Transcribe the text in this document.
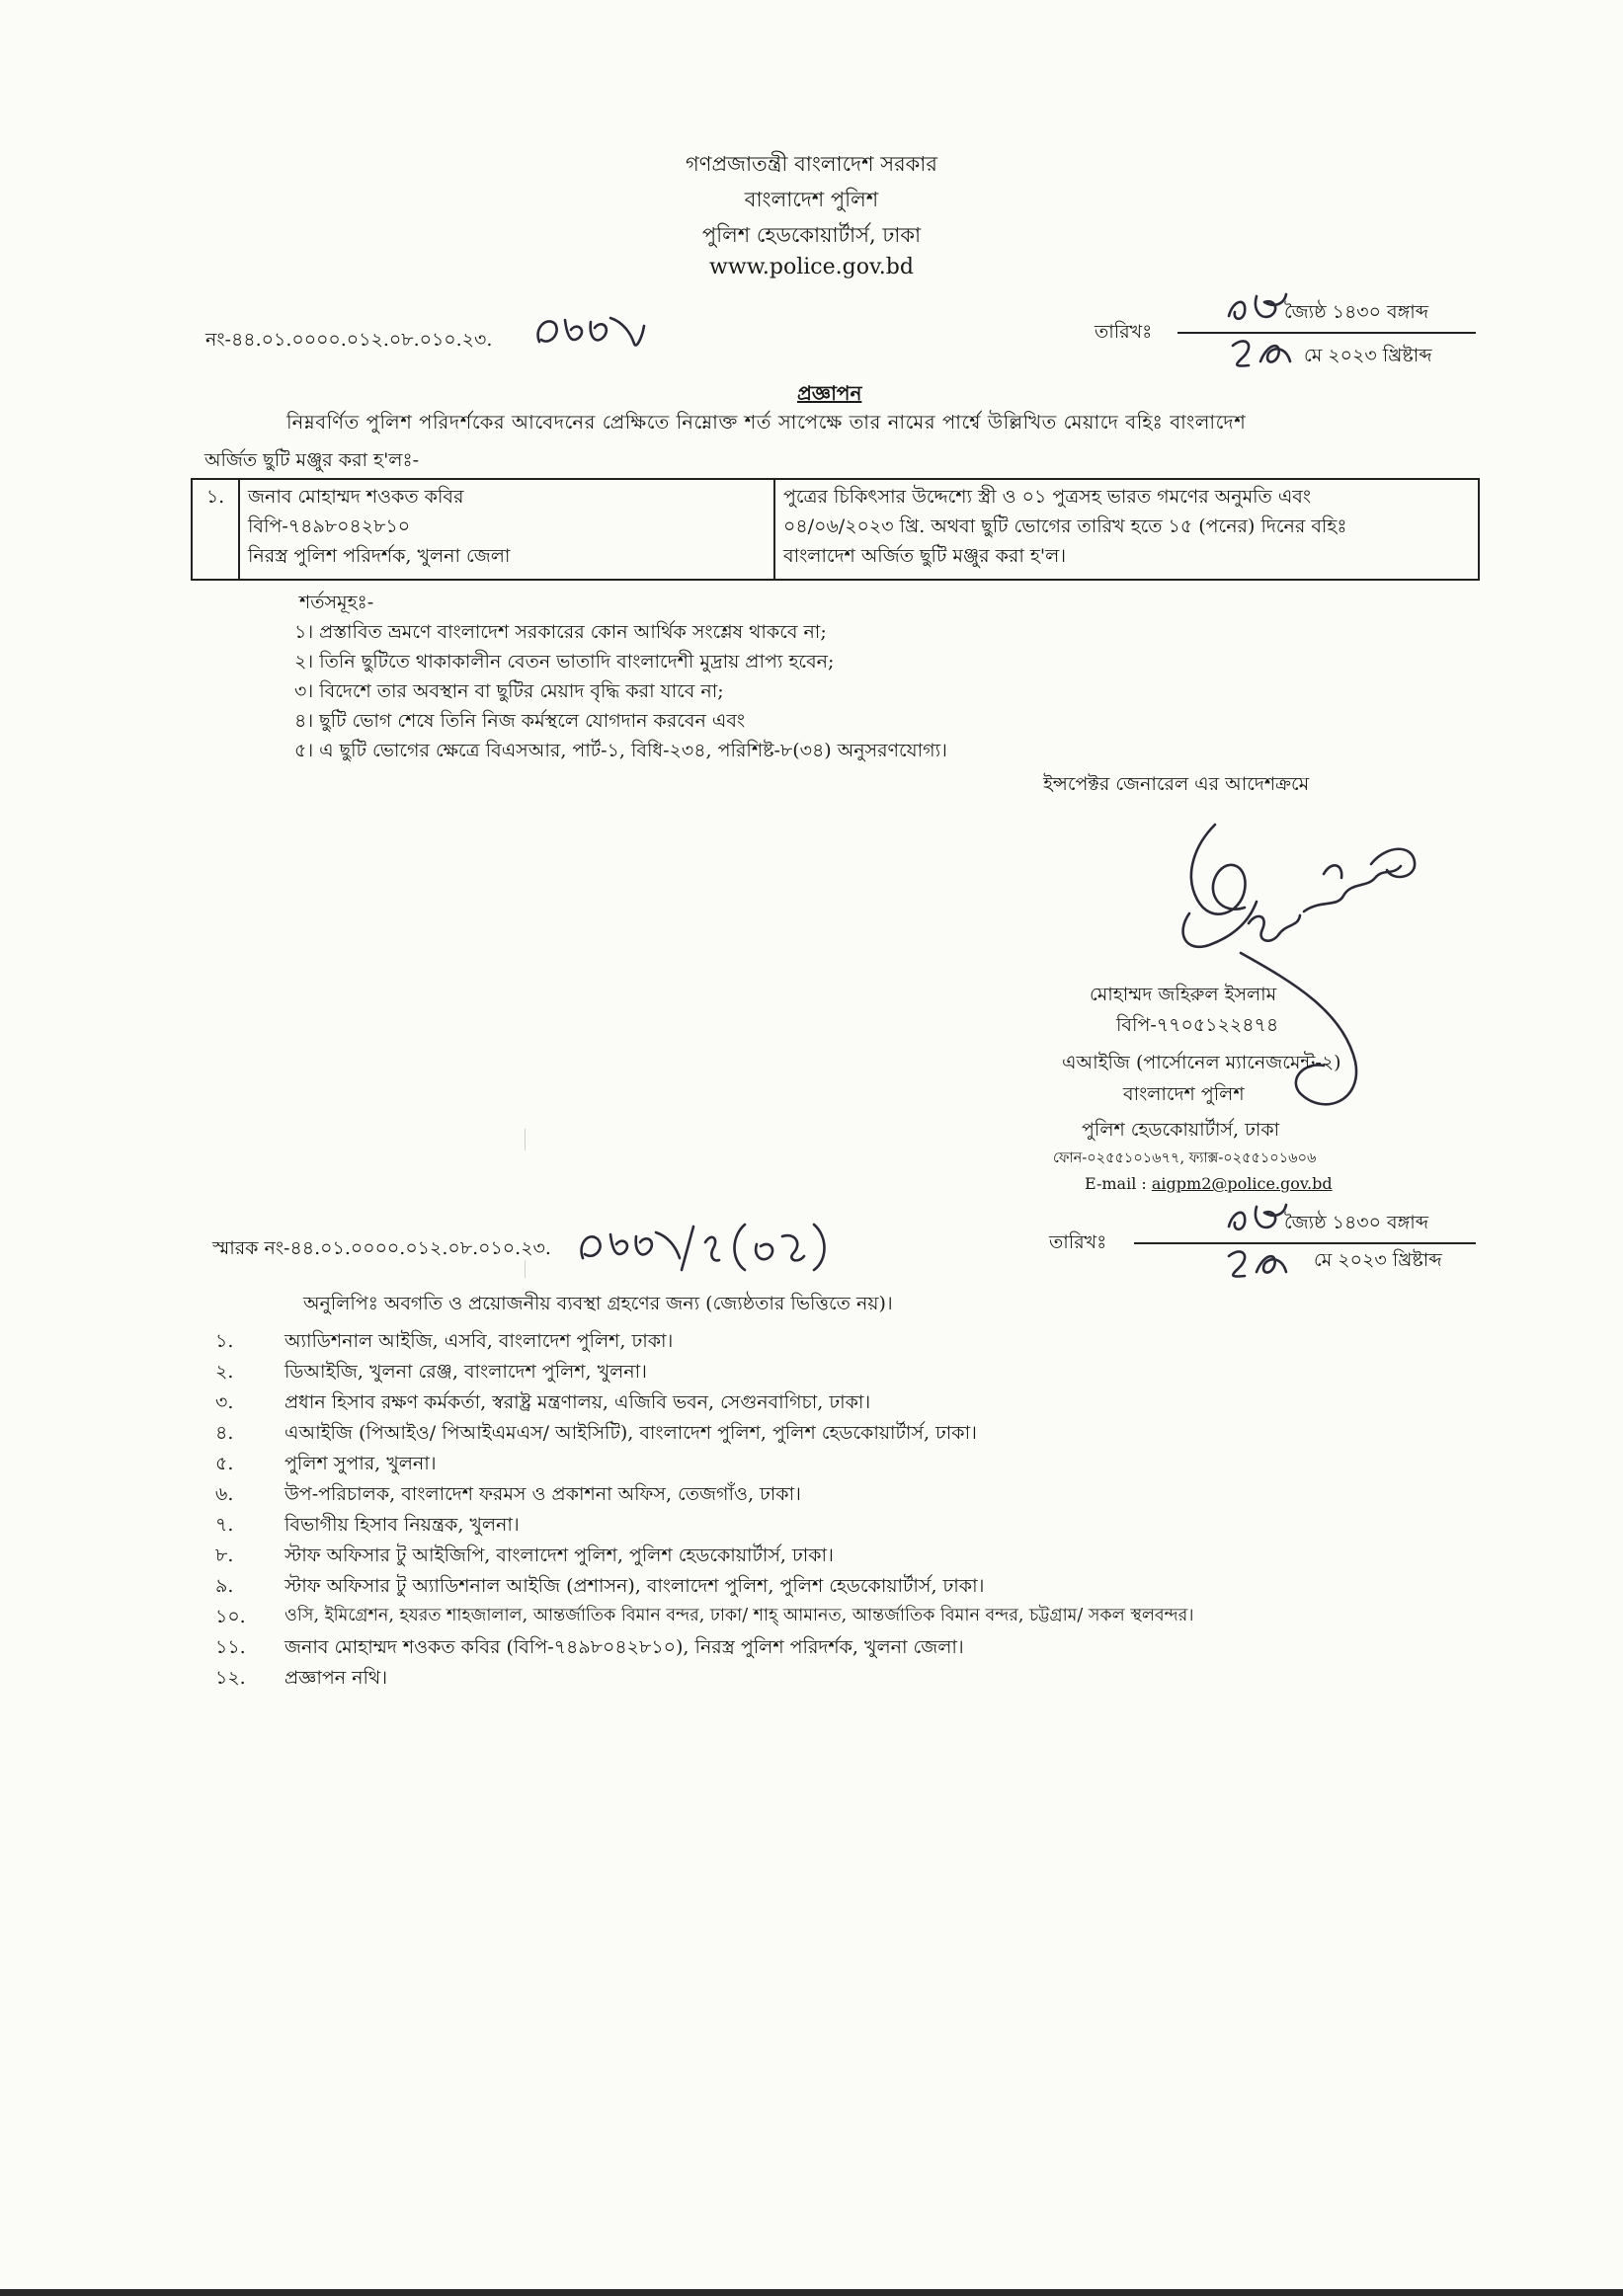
গণপ্রজাতন্ত্রী বাংলাদেশ সরকার
বাংলাদেশ পুলিশ
পুলিশ হেডকোয়ার্টার্স, ঢাকা
www.police.gov.bd
নং-৪৪.০১.০০০০.০১২.০৮.০১০.২৩.	তারিখঃ
জ্যৈষ্ঠ ১৪৩০ বঙ্গাব্দ
মে ২০২৩ খ্রিষ্টাব্দ
প্রজ্ঞাপন
নিম্নবর্ণিত পুলিশ পরিদর্শকের আবেদনের প্রেক্ষিতে নিম্নোক্ত শর্ত সাপেক্ষে তার নামের পার্শ্বে উল্লিখিত মেয়াদে বহিঃ বাংলাদেশ
অর্জিত ছুটি মঞ্জুর করা হ'লঃ-
১.	জনাব মোহাম্মদ শওকত কবির
বিপি-৭৪৯৮০৪২৮১০
নিরস্ত্র পুলিশ পরিদর্শক, খুলনা জেলা

পুত্রের চিকিৎসার উদ্দেশ্যে স্ত্রী ও ০১ পুত্রসহ ভারত গমণের অনুমতি এবং
০৪/০৬/২০২৩ খ্রি. অথবা ছুটি ভোগের তারিখ হতে ১৫ (পনের) দিনের বহিঃ
বাংলাদেশ অর্জিত ছুটি মঞ্জুর করা হ'ল।
শর্তসমূহঃ-
১। প্রস্তাবিত ভ্রমণে বাংলাদেশ সরকারের কোন আর্থিক সংশ্লেষ থাকবে না;
২। তিনি ছুটিতে থাকাকালীন বেতন ভাতাদি বাংলাদেশী মুদ্রায় প্রাপ্য হবেন;
৩। বিদেশে তার অবস্থান বা ছুটির মেয়াদ বৃদ্ধি করা যাবে না;
৪। ছুটি ভোগ শেষে তিনি নিজ কর্মস্থলে যোগদান করবেন এবং
৫। এ ছুটি ভোগের ক্ষেত্রে বিএসআর, পার্ট-১, বিধি-২৩৪, পরিশিষ্ট-৮(৩৪) অনুসরণযোগ্য।
ইন্সপেক্টর জেনারেল এর আদেশক্রমে
মোহাম্মদ জহিরুল ইসলাম
বিপি-৭৭০৫১২২৪৭৪
এআইজি (পার্সোনেল ম্যানেজমেন্ট-২)
বাংলাদেশ পুলিশ
পুলিশ হেডকোয়ার্টার্স, ঢাকা
ফোন-০২৫৫১০১৬৭৭, ফ্যাক্স-০২৫৫১০১৬০৬
E-mail : aigpm2@police.gov.bd
স্মারক নং-৪৪.০১.০০০০.০১২.০৮.০১০.২৩.	তারিখঃ
জ্যৈষ্ঠ ১৪৩০ বঙ্গাব্দ
মে ২০২৩ খ্রিষ্টাব্দ
অনুলিপিঃ অবগতি ও প্রয়োজনীয় ব্যবস্থা গ্রহণের জন্য (জ্যেষ্ঠতার ভিত্তিতে নয়)।
১.	অ্যাডিশনাল আইজি, এসবি, বাংলাদেশ পুলিশ, ঢাকা।
২.	ডিআইজি, খুলনা রেঞ্জ, বাংলাদেশ পুলিশ, খুলনা।
৩.	প্রধান হিসাব রক্ষণ কর্মকর্তা, স্বরাষ্ট্র মন্ত্রণালয়, এজিবি ভবন, সেগুনবাগিচা, ঢাকা।
৪.	এআইজি (পিআইও/ পিআইএমএস/ আইসিটি), বাংলাদেশ পুলিশ, পুলিশ হেডকোয়ার্টার্স, ঢাকা।
৫.	পুলিশ সুপার, খুলনা।
৬.	উপ-পরিচালক, বাংলাদেশ ফরমস ও প্রকাশনা অফিস, তেজগাঁও, ঢাকা।
৭.	বিভাগীয় হিসাব নিয়ন্ত্রক, খুলনা।
৮.	স্টাফ অফিসার টু আইজিপি, বাংলাদেশ পুলিশ, পুলিশ হেডকোয়ার্টার্স, ঢাকা।
৯.	স্টাফ অফিসার টু অ্যাডিশনাল আইজি (প্রশাসন), বাংলাদেশ পুলিশ, পুলিশ হেডকোয়ার্টার্স, ঢাকা।
১০. ওসি, ইমিগ্রেশন, হযরত শাহজালাল, আন্তর্জাতিক বিমান বন্দর, ঢাকা/ শাহ্ আমানত, আন্তর্জাতিক বিমান বন্দর, চট্টগ্রাম/ সকল স্থলবন্দর।
১১. জনাব মোহাম্মদ শওকত কবির (বিপি-৭৪৯৮০৪২৮১০), নিরস্ত্র পুলিশ পরিদর্শক, খুলনা জেলা।
১২. প্রজ্ঞাপন নথি।
